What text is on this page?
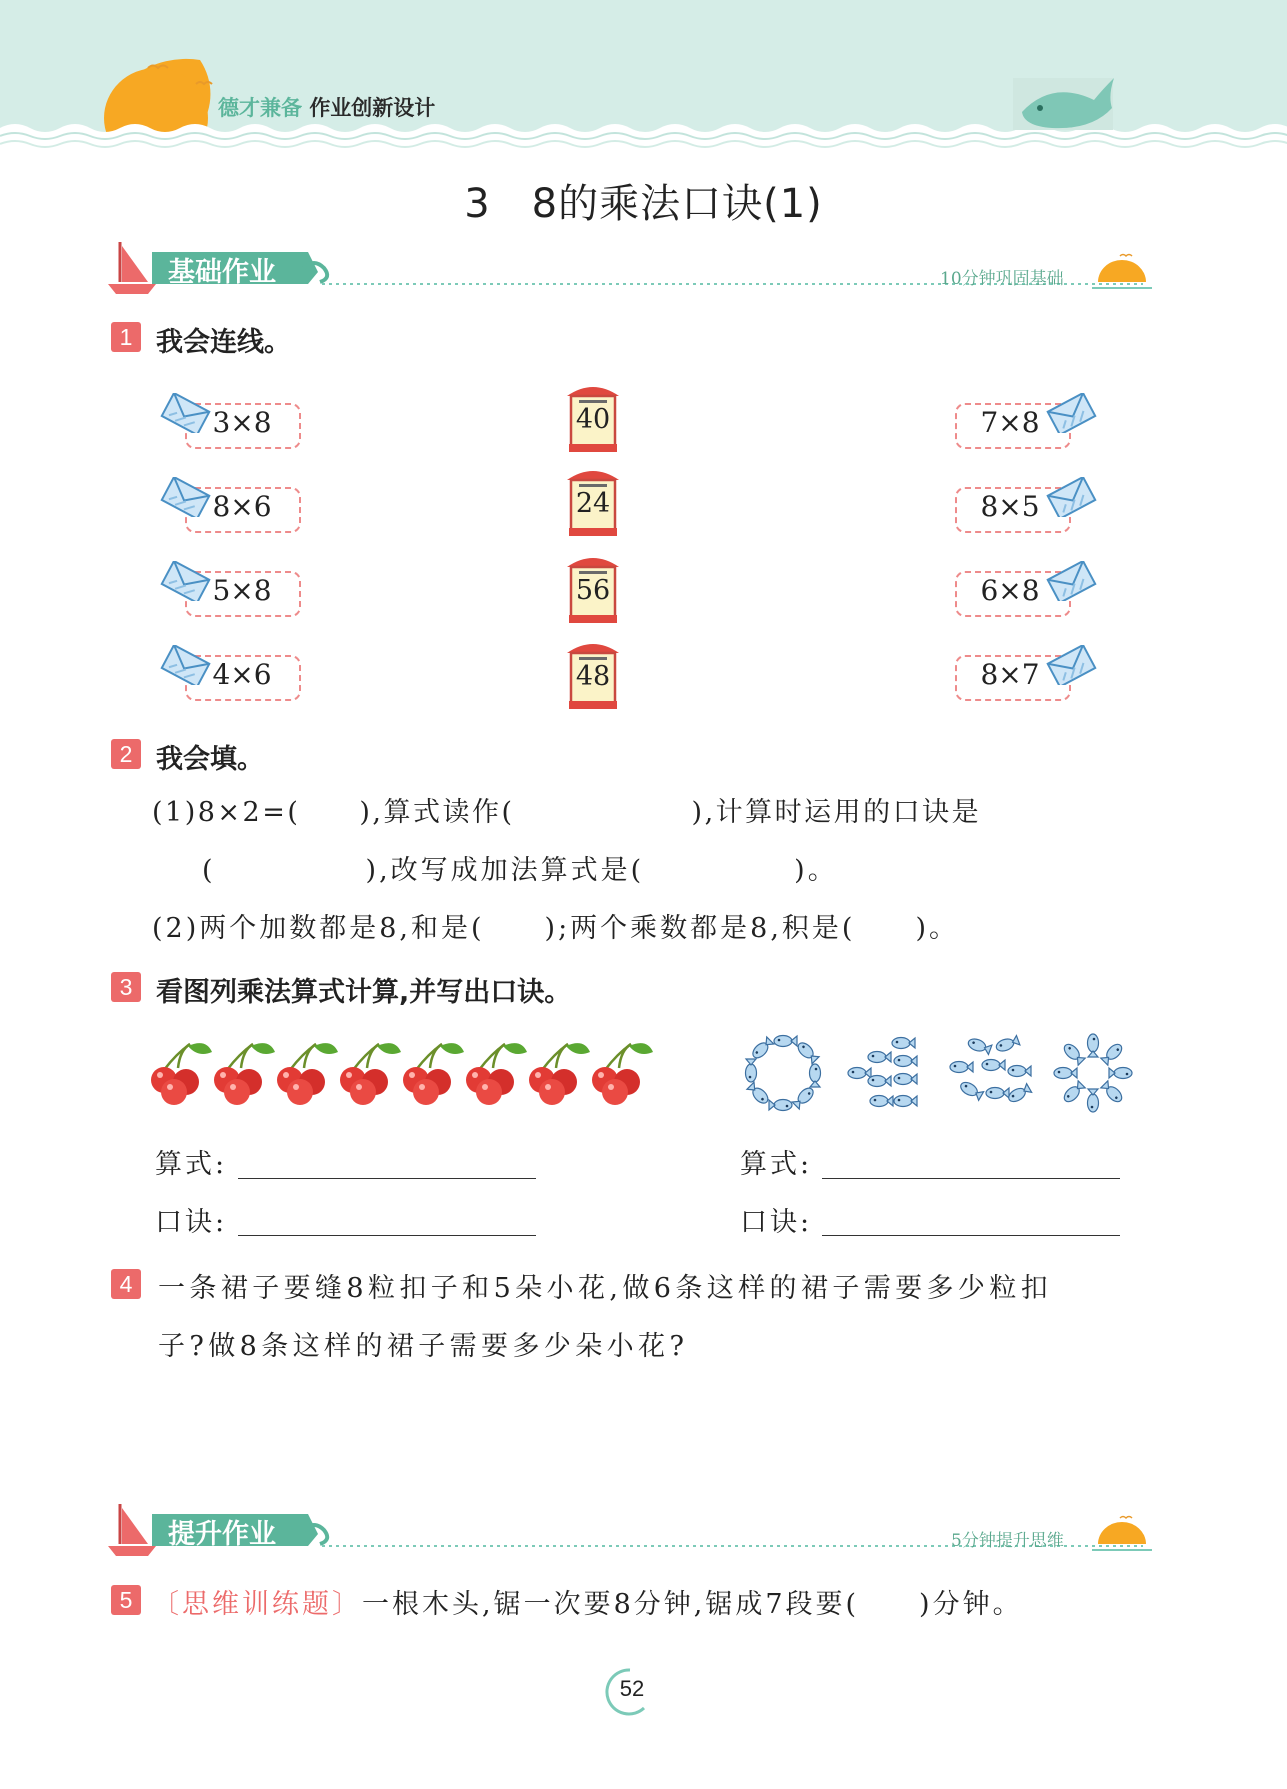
德才兼备 作业创新设计
3　8的乘法口诀(1)
基础作业	10分钟巩固基础
1 我会连线。
3×8
8×6
5×8
4×6
40
24
56
48
7×8
8×5
6×8
8×7
2 我会填。
(1)8×2=(　　),算式读作(　　　　　　),计算时运用的口诀是
(　　　　　),改写成加法算式是(　　　　　)。
(2)两个加数都是8,和是(　　);两个乘数都是8,积是(　　)。
3 看图列乘法算式计算,并写出口诀。
算式:
口诀:
算式:
口诀:
4 一条裙子要缝8粒扣子和5朵小花,做6条这样的裙子需要多少粒扣
子?做8条这样的裙子需要多少朵小花?
提升作业	5分钟提升思维
5 〔思维训练题〕一根木头,锯一次要8分钟,锯成7段要(　　)分钟。
52
